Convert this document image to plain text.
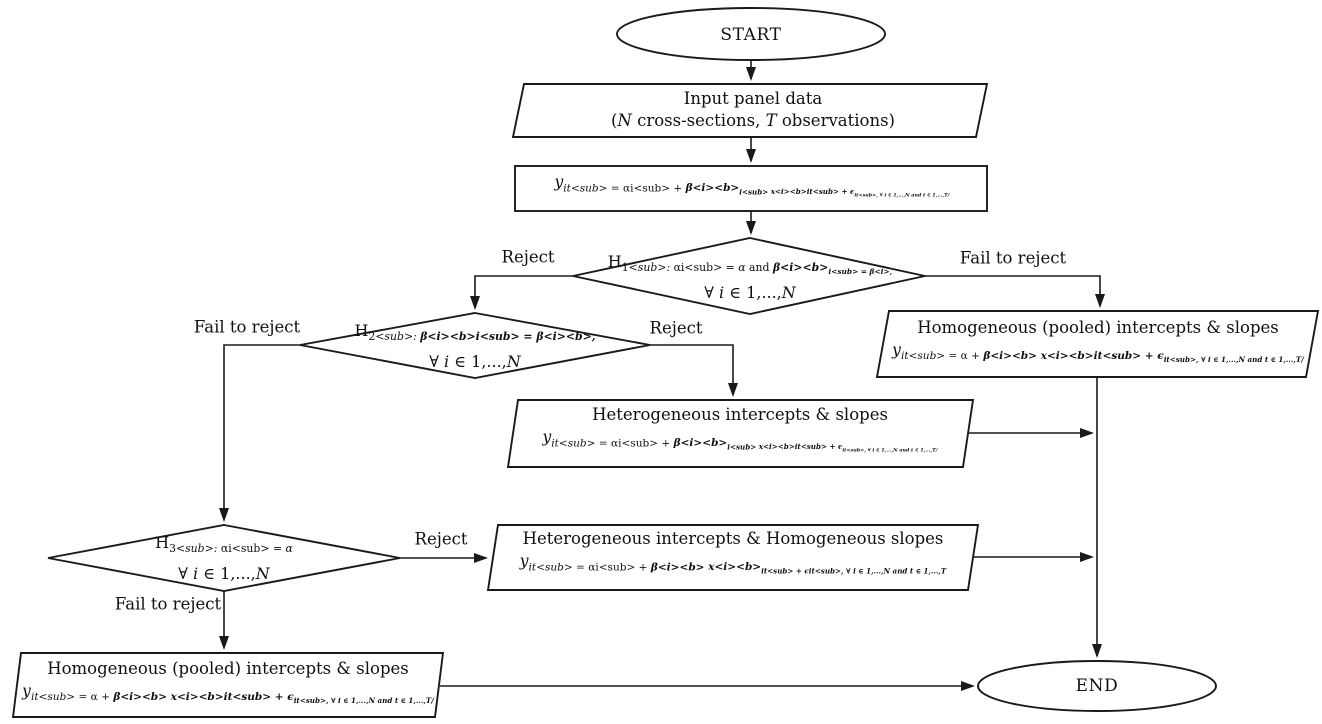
START
Input panel data
(N cross-sections, T observations)
$y_{it<sub> = \alpha i<sub> + \beta<i><b>_{i<sub> x<i><b>it<sub> + \epsilon_{it<sub>, \forall i \in 1,...,N and t \in 1,...,T/}}}$
$H_{1<sub>: \alpha i<sub> = \alpha and \beta<i><b>_{i<sub> = \beta<i>,}}$
∀ i ∈ 1,...,N
Homogeneous (pooled) intercepts & slopes
$y_{it<sub> = \alpha + \beta<i><b> x<i><b>it<sub> + \epsilon_{it<sub>, \forall i \in 1,...,N and t \in 1,...,T/}}$
$H_{2<sub>: \beta<i><b>i<sub> = \beta<i><b>,}$
∀ i ∈ 1,...,N
Heterogeneous intercepts & slopes
$y_{it<sub> = \alpha i<sub> + \beta<i><b>_{i<sub> x<i><b>it<sub> + \epsilon_{it<sub>, \forall i \in 1,...,N and t \in 1,...,T/}}}$
$H_{3<sub>: \alpha i<sub> = \alpha}$
∀ i ∈ 1,...,N
Heterogeneous intercepts & Homogeneous slopes
$y_{it<sub> = \alpha i<sub> + \beta<i><b> x<i><b>_{it<sub> + \epsilon it<sub>, \forall i \in 1,...,N and t \in 1,...,T}}$
Homogeneous (pooled) intercepts & slopes
$y_{it<sub> = \alpha + \beta<i><b> x<i><b>it<sub> + \epsilon_{it<sub>, \forall i \in 1,...,N and t \in 1,...,T/}}$
END
Reject	Fail to reject
Fail to reject	Reject
Reject
Fail to reject
